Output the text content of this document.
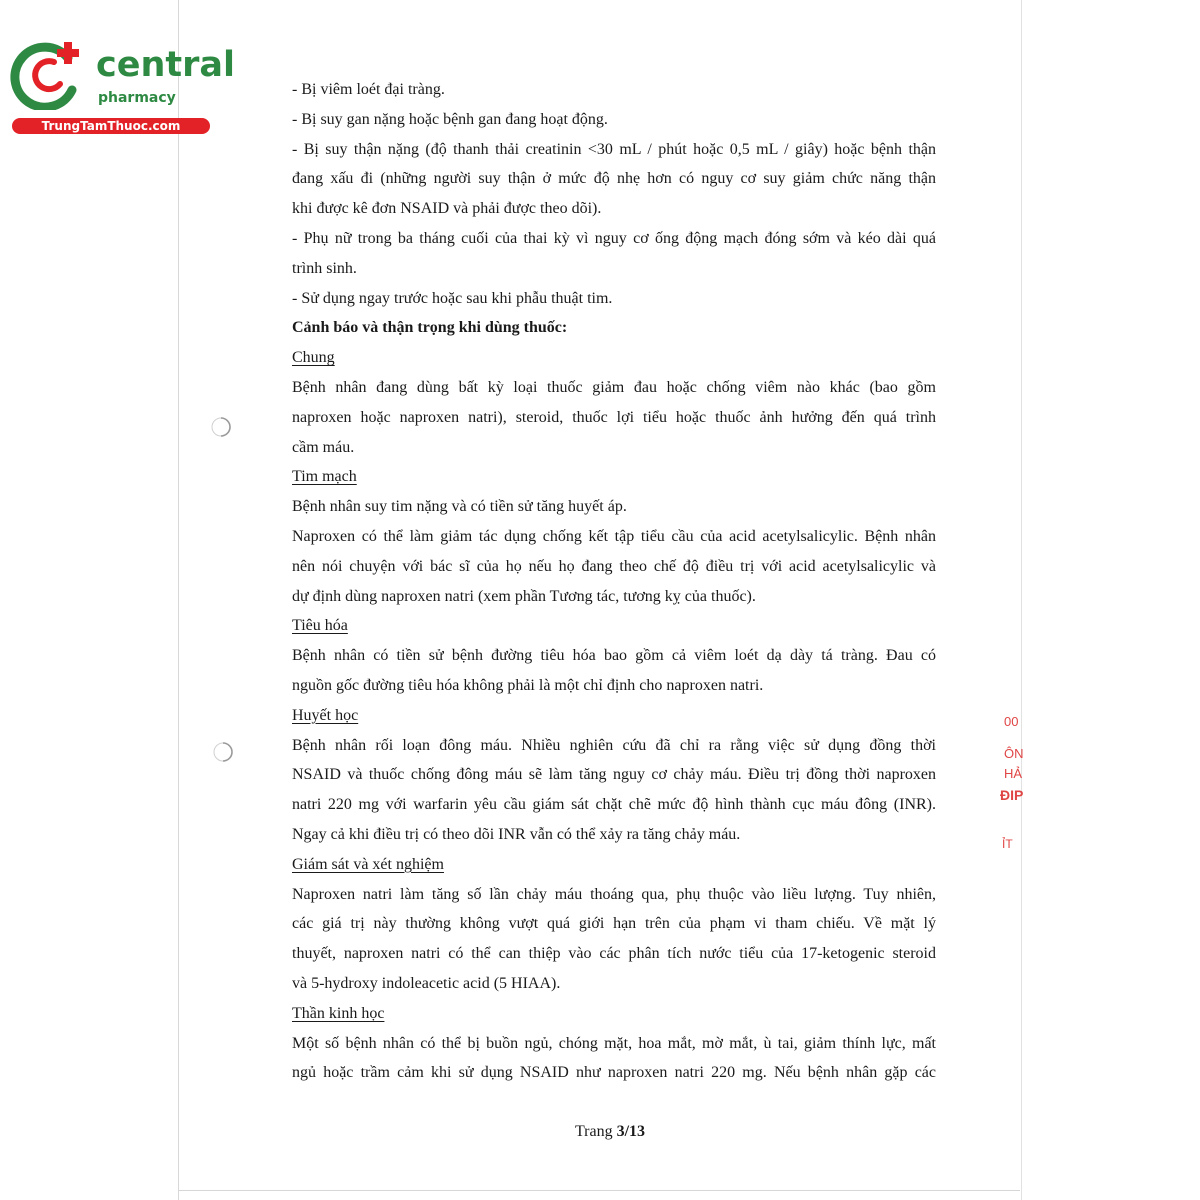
central
pharmacy
TrungTamThuoc.com
00
ÔN
HẢ
ĐIP
ỈT

- Bị viêm loét đại tràng.

- Bị suy gan nặng hoặc bệnh gan đang hoạt động.

- Bị suy thận nặng (độ thanh thải creatinin <30 mL / phút hoặc 0,5 mL / giây) hoặc bệnh thận

đang xấu đi (những người suy thận ở mức độ nhẹ hơn có nguy cơ suy giảm chức năng thận

khi được kê đơn NSAID và phải được theo dõi).

- Phụ nữ trong ba tháng cuối của thai kỳ vì nguy cơ ống động mạch đóng sớm và kéo dài quá

trình sinh.

- Sử dụng ngay trước hoặc sau khi phẫu thuật tim.

Cảnh báo và thận trọng khi dùng thuốc:

Chung

Bệnh nhân đang dùng bất kỳ loại thuốc giảm đau hoặc chống viêm nào khác (bao gồm

naproxen hoặc naproxen natri), steroid, thuốc lợi tiểu hoặc thuốc ảnh hưởng đến quá trình

cầm máu.

Tim mạch

Bệnh nhân suy tim nặng và có tiền sử tăng huyết áp.

Naproxen có thể làm giảm tác dụng chống kết tập tiểu cầu của acid acetylsalicylic. Bệnh nhân

nên nói chuyện với bác sĩ của họ nếu họ đang theo chế độ điều trị với acid acetylsalicylic và

dự định dùng naproxen natri (xem phần Tương tác, tương kỵ của thuốc).

Tiêu hóa

Bệnh nhân có tiền sử bệnh đường tiêu hóa bao gồm cả viêm loét dạ dày tá tràng. Đau có

nguồn gốc đường tiêu hóa không phải là một chỉ định cho naproxen natri.

Huyết học

Bệnh nhân rối loạn đông máu. Nhiều nghiên cứu đã chỉ ra rằng việc sử dụng đồng thời

NSAID và thuốc chống đông máu sẽ làm tăng nguy cơ chảy máu. Điều trị đồng thời naproxen

natri 220 mg với warfarin yêu cầu giám sát chặt chẽ mức độ hình thành cục máu đông (INR).

Ngay cả khi điều trị có theo dõi INR vẫn có thể xảy ra tăng chảy máu.

Giám sát và xét nghiệm

Naproxen natri làm tăng số lần chảy máu thoáng qua, phụ thuộc vào liều lượng. Tuy nhiên,

các giá trị này thường không vượt quá giới hạn trên của phạm vi tham chiếu. Về mặt lý

thuyết, naproxen natri có thể can thiệp vào các phân tích nước tiểu của 17-ketogenic steroid

và 5-hydroxy indoleacetic acid (5 HIAA).

Thần kinh học

Một số bệnh nhân có thể bị buồn ngủ, chóng mặt, hoa mắt, mờ mắt, ù tai, giảm thính lực, mất

ngủ hoặc trầm cảm khi sử dụng NSAID như naproxen natri 220 mg. Nếu bệnh nhân gặp các

Trang 3/13
